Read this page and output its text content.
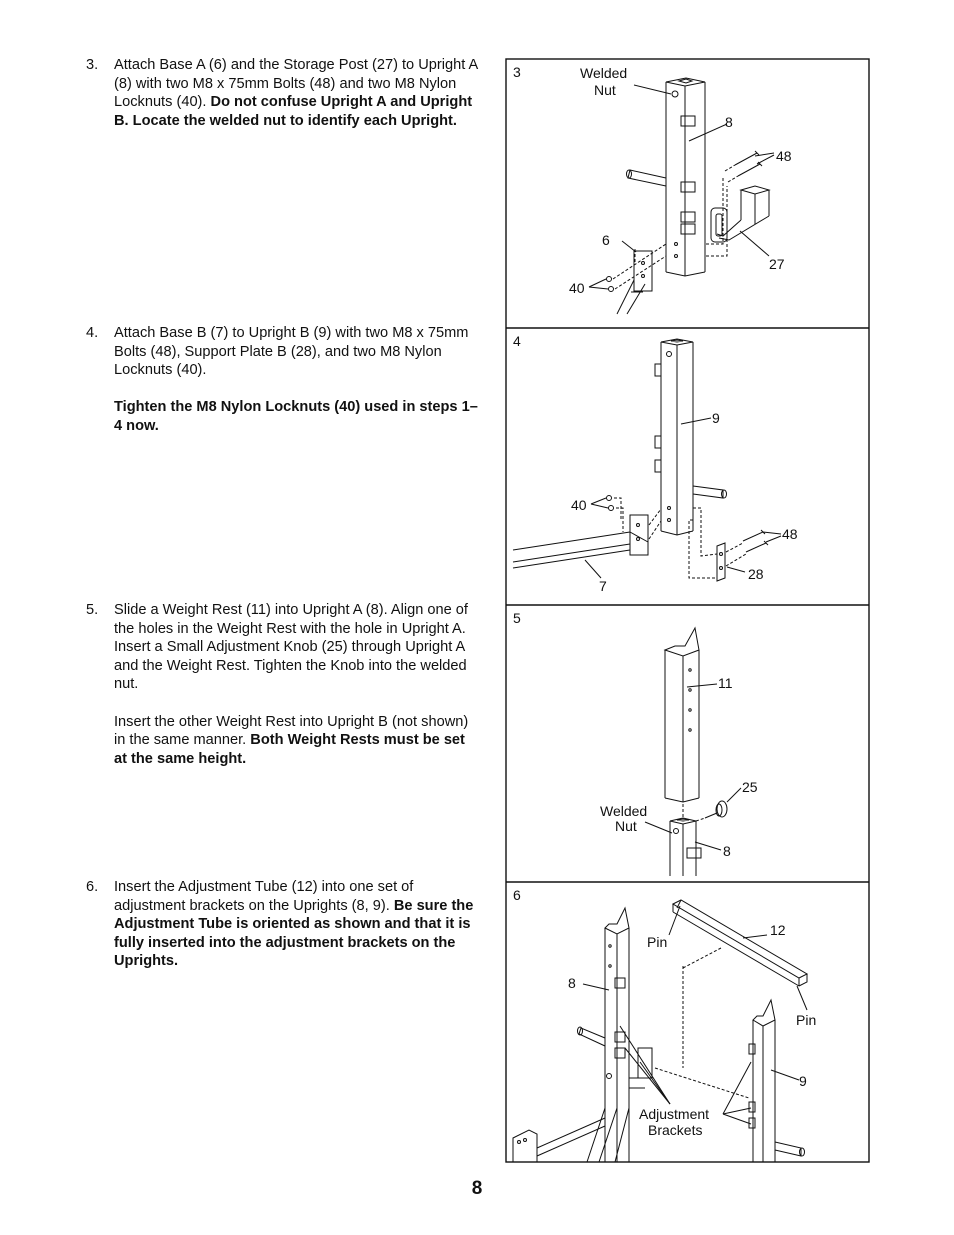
3. Attach Base A (6) and the Storage Post (27) to Upright A (8) with two M8 x 75mm Bolts (48) and two M8 Nylon Locknuts (40). Do not confuse Upright A and Upright B. Locate the welded nut to identify each Upright.

4. Attach Base B (7) to Upright B (9) with two M8 x 75mm Bolts (48), Support Plate B (28), and two M8 Nylon Locknuts (40).

Tighten the M8 Nylon Locknuts (40) used in steps 1–4 now.

5. Slide a Weight Rest (11) into Upright A (8). Align one of the holes in the Weight Rest with the hole in Upright A. Insert a Small Adjustment Knob (25) through Upright A and the Weight Rest. Tighten the Knob into the welded nut.

Insert the other Weight Rest into Upright B (not shown) in the same manner. Both Weight Rests must be set at the same height.

6. Insert the Adjustment Tube (12) into one set of adjustment brackets on the Uprights (8, 9). Be sure the Adjustment Tube is oriented as shown and that it is fully inserted into the adjustment brackets on the Uprights.

3	Welded
Nut
8
48
6
27
40
4
9
40
48
28
7
5
11
25
Welded
Nut
8
6
12
Pin
8
Pin
9
Adjustment
Brackets
8
